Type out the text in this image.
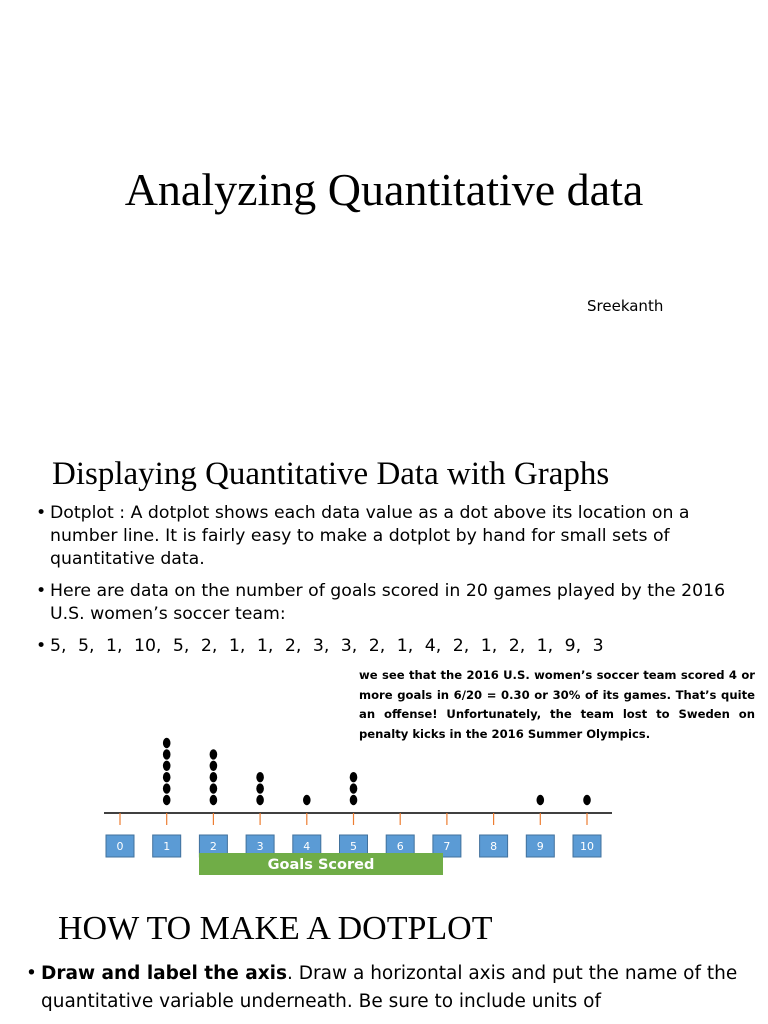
Analyzing Quantitative data
Sreekanth
Displaying Quantitative Data with Graphs
• Dotplot : A dotplot shows each data value as a dot above its location on a number line. It is fairly easy to make a dotplot by hand for small sets of quantitative data.
• Here are data on the number of goals scored in 20 games played by the 2016 U.S. women’s soccer team:
• 5, 5, 1, 10, 5, 2, 1, 1, 2, 3, 3, 2, 1, 4, 2, 1, 2, 1, 9, 3
we see that the 2016 U.S. women’s soccer team scored 4 or more goals in 6/20 = 0.30 or 30% of its games. That’s quite an offense! Unfortunately, the team lost to Sweden on penalty kicks in the 2016 Summer Olympics.
0	1	2	3	4	5	6	7	8	9	10
Goals Scored
HOW TO MAKE A DOTPLOT
• Draw and label the axis. Draw a horizontal axis and put the name of the quantitative variable underneath. Be sure to include units of
